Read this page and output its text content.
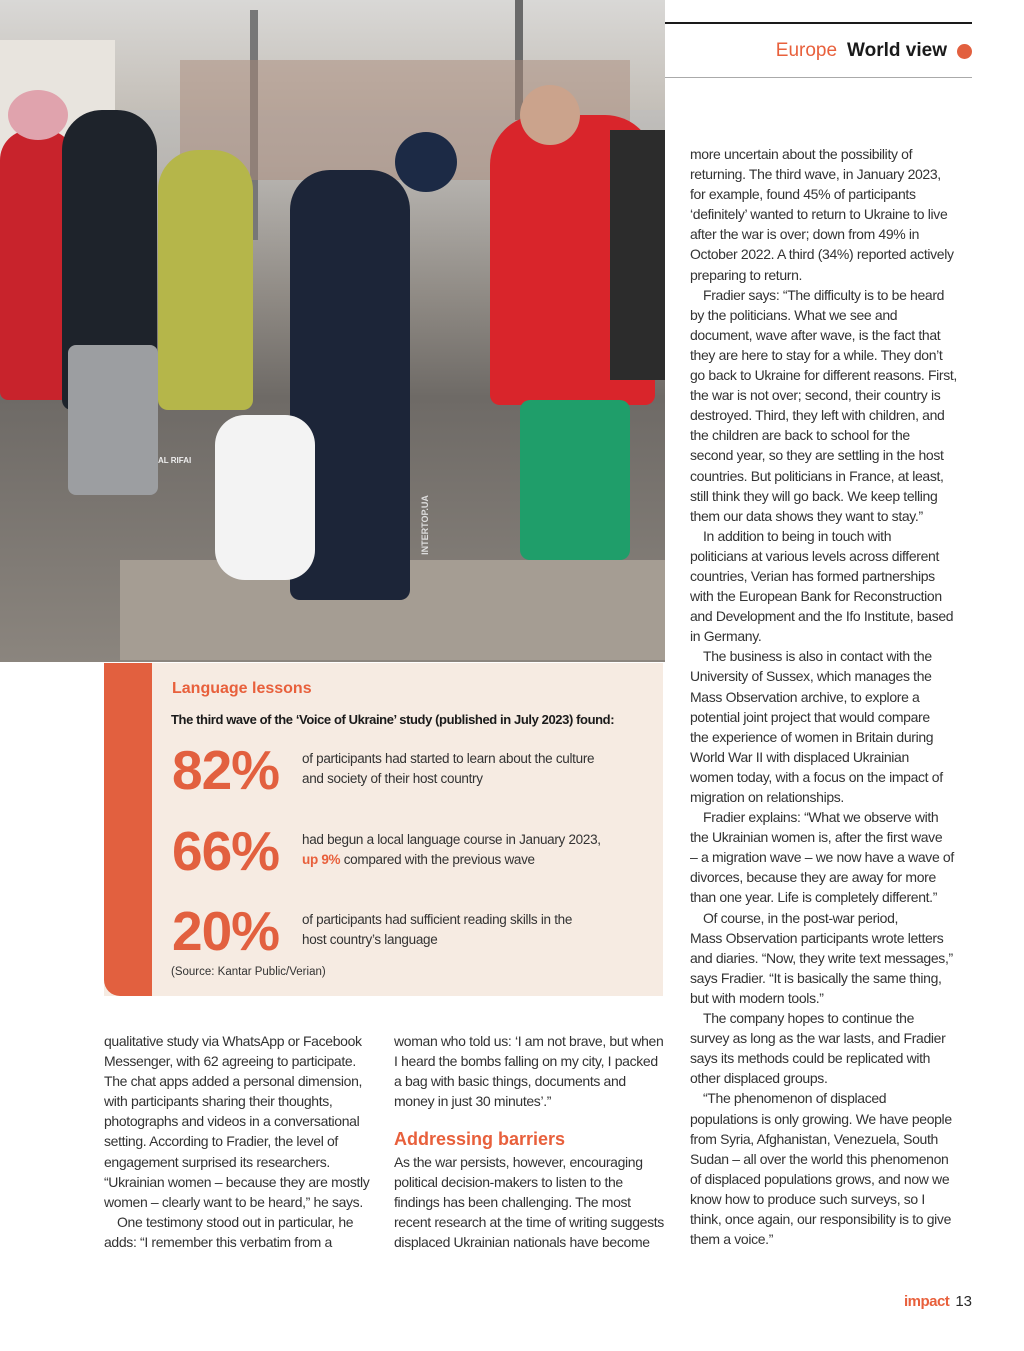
INTERTOP.UA
AL RIFAI
Europe World view
Language lessons
The third wave of the ‘Voice of Ukraine’ study (published in July 2023) found:
82% of participants had started to learn about the culture
and society of their host country
66% had begun a local language course in January 2023,
up 9% compared with the previous wave
20% of participants had sufficient reading skills in the
host country’s language
(Source: Kantar Public/Verian)
more uncertain about the possibility of
returning. The third wave, in January 2023,
for example, found 45% of participants
‘definitely’ wanted to return to Ukraine to live
after the war is over; down from 49% in
October 2022. A third (34%) reported actively
preparing to return.
Fradier says: “The difficulty is to be heard
by the politicians. What we see and
document, wave after wave, is the fact that
they are here to stay for a while. They don’t
go back to Ukraine for different reasons. First,
the war is not over; second, their country is
destroyed. Third, they left with children, and
the children are back to school for the
second year, so they are settling in the host
countries. But politicians in France, at least,
still think they will go back. We keep telling
them our data shows they want to stay.”
In addition to being in touch with
politicians at various levels across different
countries, Verian has formed partnerships
with the European Bank for Reconstruction
and Development and the Ifo Institute, based
in Germany.
The business is also in contact with the
University of Sussex, which manages the
Mass Observation archive, to explore a
potential joint project that would compare
the experience of women in Britain during
World War II with displaced Ukrainian
women today, with a focus on the impact of
migration on relationships.
Fradier explains: “What we observe with
the Ukrainian women is, after the first wave
– a migration wave – we now have a wave of
divorces, because they are away for more
than one year. Life is completely different.”
Of course, in the post-war period,
Mass Observation participants wrote letters
and diaries. “Now, they write text messages,”
says Fradier. “It is basically the same thing,
but with modern tools.”
The company hopes to continue the
survey as long as the war lasts, and Fradier
says its methods could be replicated with
other displaced groups.
“The phenomenon of displaced
populations is only growing. We have people
from Syria, Afghanistan, Venezuela, South
Sudan – all over the world this phenomenon
of displaced populations grows, and now we
know how to produce such surveys, so I
think, once again, our responsibility is to give
them a voice.”
qualitative study via WhatsApp or Facebook
Messenger, with 62 agreeing to participate.
The chat apps added a personal dimension,
with participants sharing their thoughts,
photographs and videos in a conversational
setting. According to Fradier, the level of
engagement surprised its researchers.
“Ukrainian women – because they are mostly
women – clearly want to be heard,” he says.
One testimony stood out in particular, he
adds: “I remember this verbatim from a
woman who told us: ‘I am not brave, but when
I heard the bombs falling on my city, I packed
a bag with basic things, documents and
money in just 30 minutes’.”
Addressing barriers
As the war persists, however, encouraging
political decision-makers to listen to the
findings has been challenging. The most
recent research at the time of writing suggests
displaced Ukrainian nationals have become
impact 13
